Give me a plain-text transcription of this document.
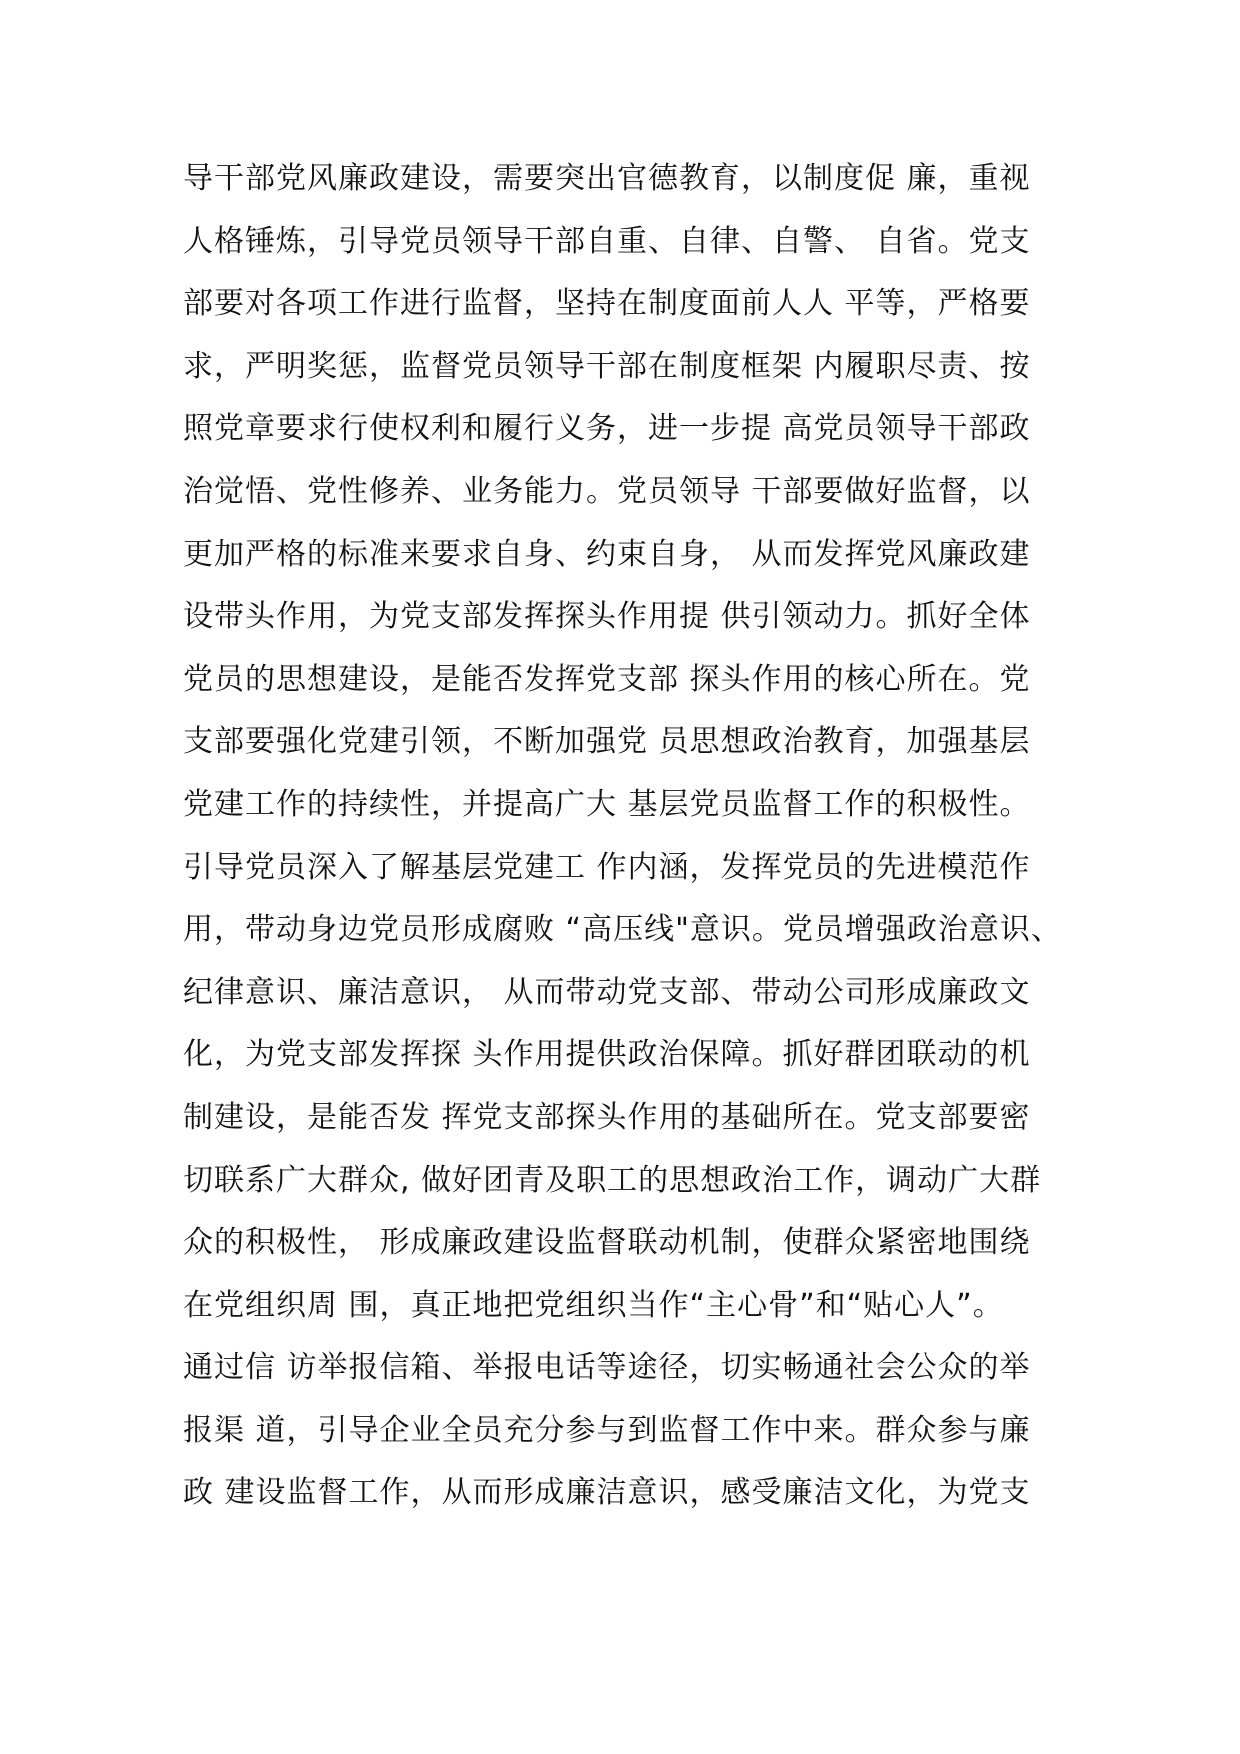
导干部党风廉政建设，需要突出官德教育，以制度促 廉，重视
人格锤炼，引导党员领导干部自重、自律、自警、 自省。党支
部要对各项工作进行监督，坚持在制度面前人人 平等，严格要
求，严明奖惩，监督党员领导干部在制度框架 内履职尽责、按
照党章要求行使权利和履行义务，进一步提 高党员领导干部政
治觉悟、党性修养、业务能力。党员领导 干部要做好监督，以
更加严格的标准来要求自身、约束自身， 从而发挥党风廉政建
设带头作用，为党支部发挥探头作用提 供引领动力。抓好全体
党员的思想建设，是能否发挥党支部 探头作用的核心所在。党
支部要强化党建引领，不断加强党 员思想政治教育，加强基层
党建工作的持续性，并提高广大 基层党员监督工作的积极性。
引导党员深入了解基层党建工 作内涵，发挥党员的先进模范作
用，带动身边党员形成腐败 “高压线"意识。党员增强政治意识、
纪律意识、廉洁意识， 从而带动党支部、带动公司形成廉政文
化，为党支部发挥探 头作用提供政治保障。抓好群团联动的机
制建设，是能否发 挥党支部探头作用的基础所在。党支部要密
切联系广大群众, 做好团青及职工的思想政治工作，调动广大群
众的积极性， 形成廉政建设监督联动机制，使群众紧密地围绕
在党组织周 围，真正地把党组织当作“主心骨”和“贴心人”。
通过信 访举报信箱、举报电话等途径，切实畅通社会公众的举
报渠 道，引导企业全员充分参与到监督工作中来。群众参与廉
政 建设监督工作，从而形成廉洁意识，感受廉洁文化，为党支
